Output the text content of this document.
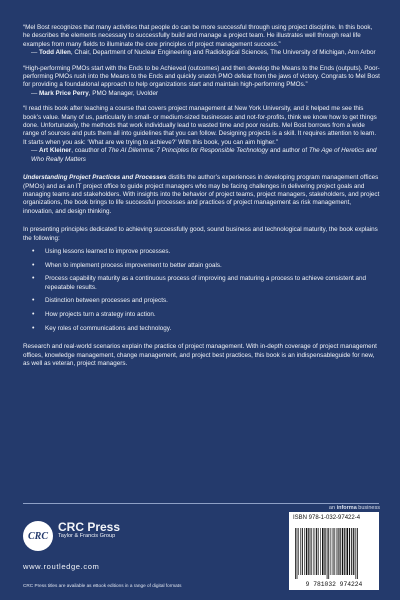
“Mel Bost recognizes that many activities that people do can be more successful through using project discipline. In this book, he describes the elements necessary to successfully build and manage a project team. He illustrates well through real life examples from many fields to illuminate the core principles of project management success.”
— Todd Allen, Chair, Department of Nuclear Engineering and Radiological Sciences, The University of Michigan, Ann Arbor
“High-performing PMOs start with the Ends to be Achieved (outcomes) and then develop the Means to the Ends (outputs). Poor-performing PMOs rush into the Means to the Ends and quickly snatch PMO defeat from the jaws of victory. Congrats to Mel Bost for providing a foundational approach to help organizations start and maintain high-performing PMOs.”
— Mark Price Perry, PMO Manager, Uvolder
“I read this book after teaching a course that covers project management at New York University, and it helped me see this book’s value. Many of us, particularly in small- or medium-sized businesses and not-for-profits, think we know how to get things done. Unfortunately, the methods that work individually lead to wasted time and poor results. Mel Bost borrows from a wide range of sources and puts them all into guidelines that you can follow. Designing projects is a skill. It requires attention to learn. It starts when you ask: ‘What are we trying to achieve?’ With this book, you can aim higher.”
— Art Kleiner, coauthor of The AI Dilemma: 7 Principles for Responsible Technology and author of The Age of Heretics and Who Really Matters
Understanding Project Practices and Processes distills the author’s experiences in developing program management offices (PMOs) and as an IT project office to guide project managers who may be facing challenges in delivering project goals and managing teams and stakeholders. With insights into the behavior of project teams, project managers, stakeholders, and project organizations, the book brings to life successful processes and practices of project management as risk management, innovation, and design thinking.
In presenting principles dedicated to achieving successfully good, sound business and technological maturity, the book explains the following:
• Using lessons learned to improve processes.
• When to implement process improvement to better attain goals.
• Process capability maturity as a continuous process of improving and maturing a process to achieve consistent and repeatable results.
• Distinction between processes and projects.
• How projects turn a strategy into action.
• Key roles of communications and technology.
Research and real-world scenarios explain the practice of project management. With in-depth coverage of project management offices, knowledge management, change management, and project best practices, this book is an indispensableguide for new, as well as veteran, project managers.
an informa business
CRC
CRC Press
Taylor & Francis Group
www.routledge.com
CRC Press titles are available as eBook editions in a range of digital formats
ISBN 978-1-032-97422-4
9 781032 974224
